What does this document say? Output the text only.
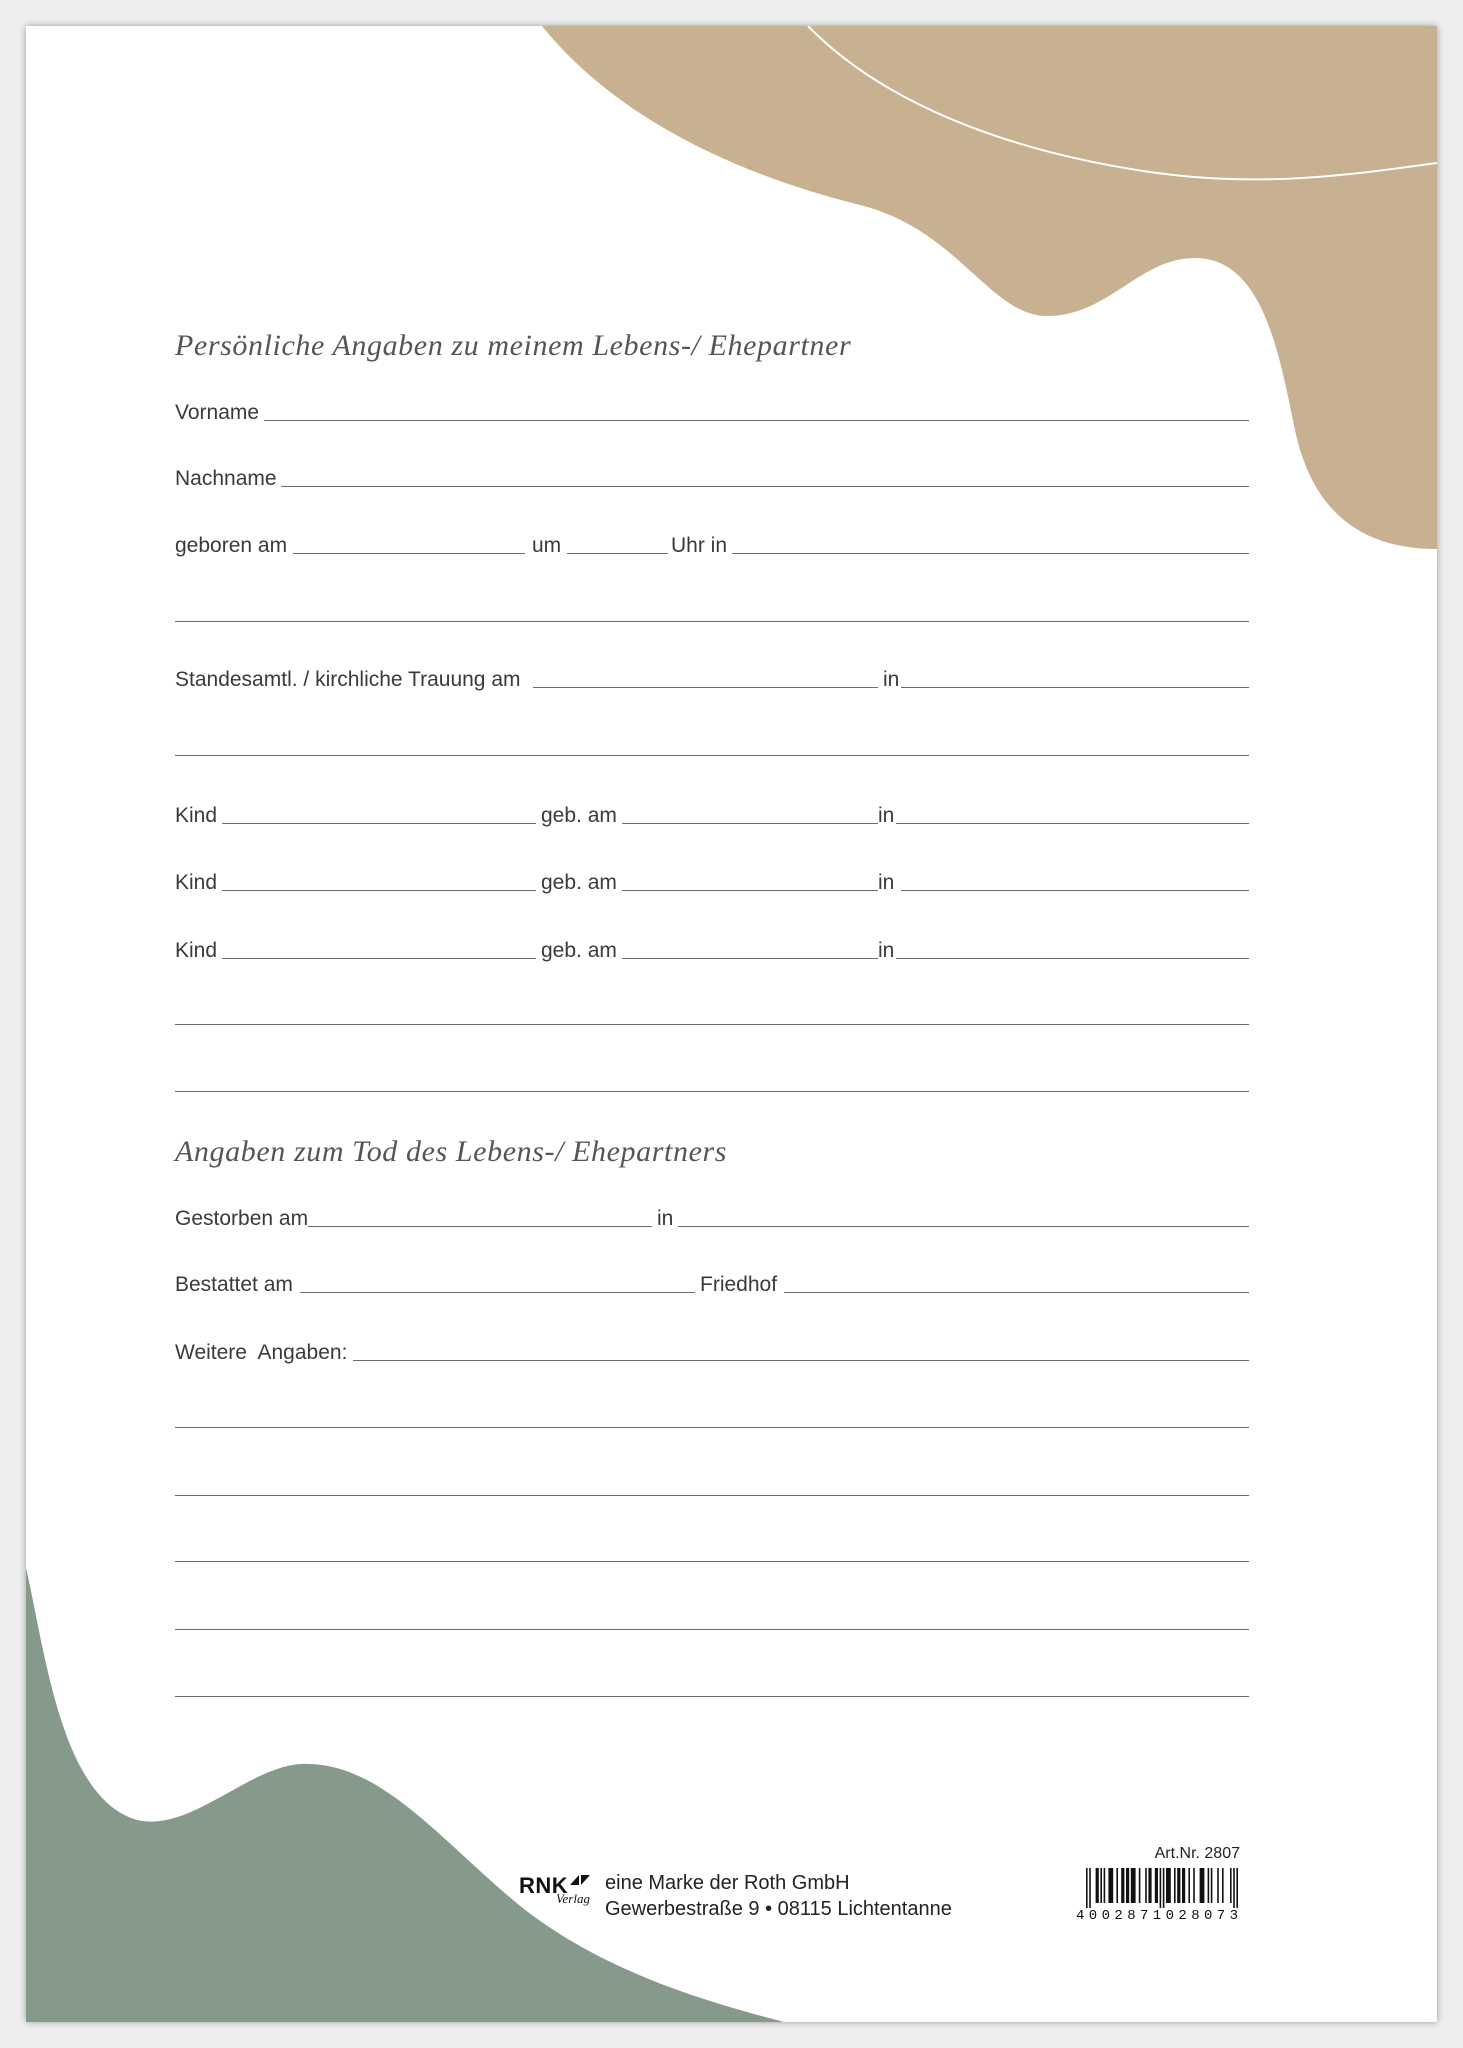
Persönliche Angaben zu meinem Lebens-/ Ehepartner
Vorname
Nachname
geboren am	um	Uhr in
Standesamtl. / kirchliche Trauung am	in
Kind	geb. am	in
Kind	geb. am	in
Kind	geb. am	in
Angaben zum Tod des Lebens-/ Ehepartners
Gestorben am	in
Bestattet am	Friedhof
Weitere  Angaben:
RNK
Verlag
eine Marke der Roth GmbH
Gewerbestraße 9 • 08115 Lichtentanne
Art.Nr. 2807
4002871028073
